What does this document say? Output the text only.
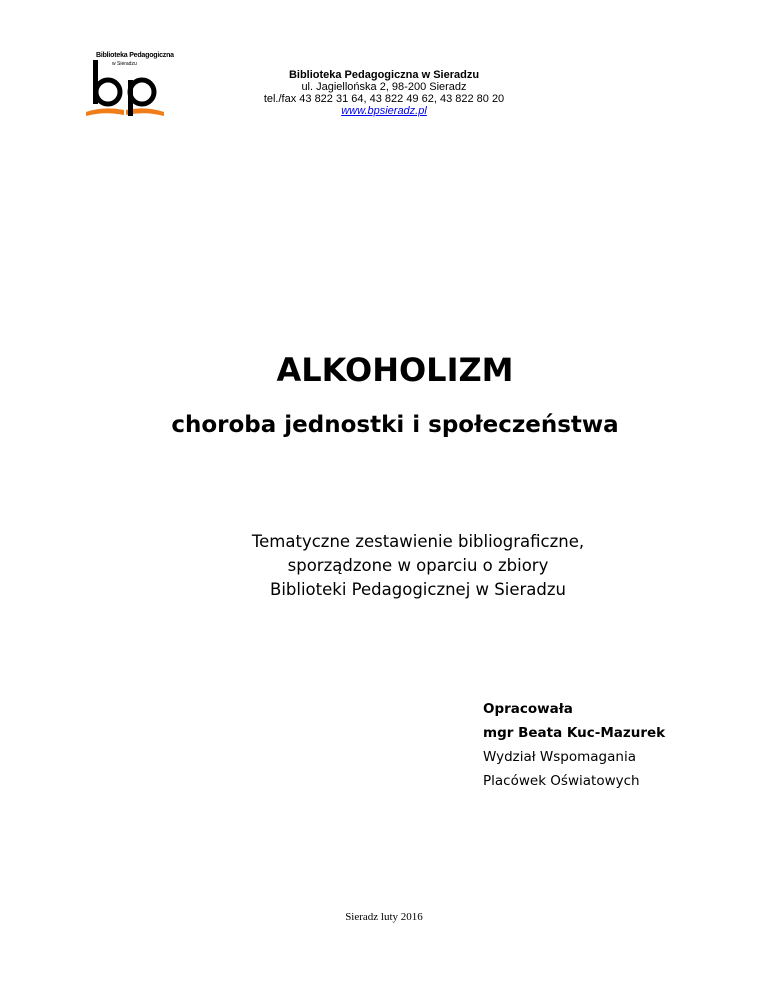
Biblioteka Pedagogiczna
w Sieradzu
Biblioteka Pedagogiczna w Sieradzu
ul. Jagiellońska 2, 98-200 Sieradz
tel./fax 43 822 31 64, 43 822 49 62, 43 822 80 20
www.bpsieradz.pl
ALKOHOLIZM
choroba jednostki i społeczeństwa
Tematyczne zestawienie bibliograficzne,
sporządzone w oparciu o zbiory
Biblioteki Pedagogicznej w Sieradzu
Opracowała
mgr Beata Kuc-Mazurek
Wydział Wspomagania
Placówek Oświatowych
Sieradz luty 2016
